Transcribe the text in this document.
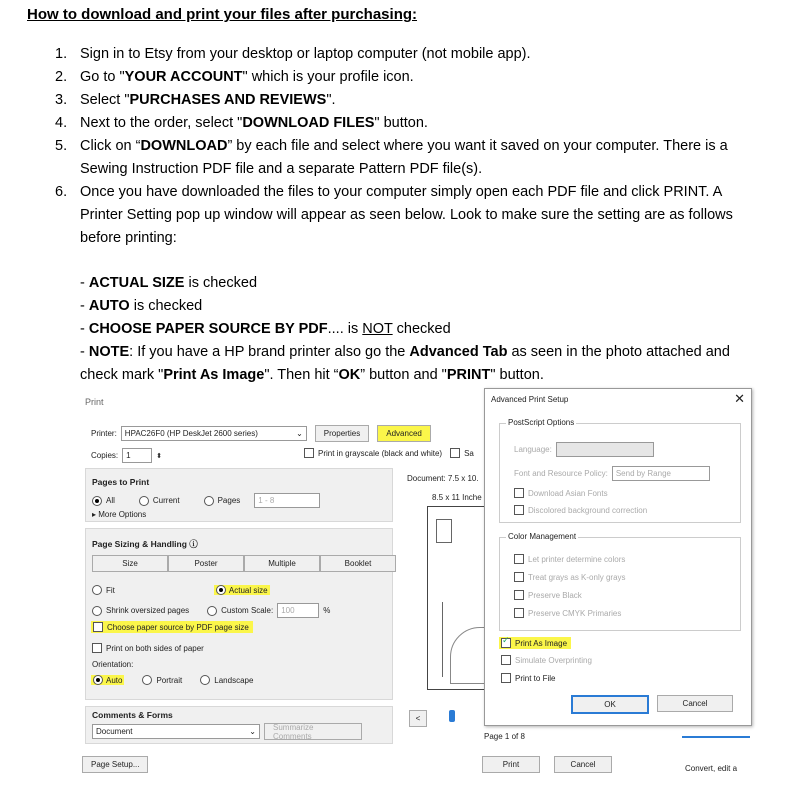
How to download and print your files after purchasing:
1. Sign in to Etsy from your desktop or laptop computer (not mobile app).
2. Go to "YOUR ACCOUNT" which is your profile icon.
3. Select "PURCHASES AND REVIEWS".
4. Next to the order, select "DOWNLOAD FILES" button.
5. Click on “DOWNLOAD” by each file and select where you want it saved on your computer. There is a Sewing Instruction PDF file and a separate Pattern PDF file(s).
6. Once you have downloaded the files to your computer simply open each PDF file and click PRINT. A Printer Setting pop up window will appear as seen below. Look to make sure the setting are as follows before printing:
- ACTUAL SIZE is checked
- AUTO is checked
- CHOOSE PAPER SOURCE BY PDF.... is NOT checked
- NOTE: If you have a HP brand printer also go the Advanced Tab as seen in the photo attached and check mark "Print As Image". Then hit “OK” button and "PRINT" button.
Print
Printer: HPAC26F0 (HP DeskJet 2600 series)	⌄	Properties	Advanced
Copies:	1	⬍	Print in grayscale (black and white)	Sa
Pages to Print
All	Current	Pages	1 - 8
▸ More Options
Page Sizing & Handling ⓘ
Size	Poster	Multiple	Booklet
Fit	Actual size
Shrink oversized pages	Custom Scale:	100	%
Choose paper source by PDF page size
Print on both sides of paper
Orientation:
Auto	Portrait	Landscape
Comments & Forms
Document	⌄	Summarize Comments
Document: 7.5 x 10.
8.5 x 11 Inche
<
Page 1 of 8
Convert, edit a
Page Setup...	Print	Cancel
Advanced Print Setup	✕
PostScript Options
Language:
Font and Resource Policy:	Send by Range
Download Asian Fonts
Discolored background correction
Color Management
Let printer determine colors
Treat grays as K-only grays
Preserve Black
Preserve CMYK Primaries
✓
Print As Image
Simulate Overprinting
Print to File
OK	Cancel
